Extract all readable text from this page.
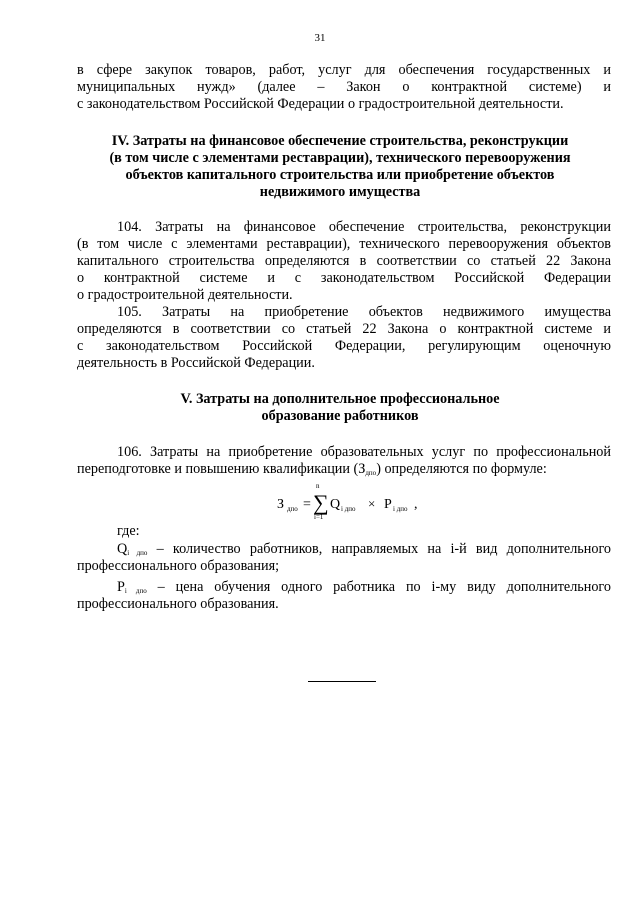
31
в сфере закупок товаров, работ, услуг для обеспечения государственных и
муниципальных нужд» (далее – Закон о контрактной системе) и
с законодательством Российской Федерации о градостроительной деятельности.
IV. Затраты на финансовое обеспечение строительства, реконструкции
(в том числе с элементами реставрации), технического перевооружения
объектов капитального строительства или приобретение объектов
недвижимого имущества
104. Затраты на финансовое обеспечение строительства, реконструкции
(в том числе с элементами реставрации), технического перевооружения объектов
капитального строительства определяются в соответствии со статьей 22 Закона
о контрактной системе и с законодательством Российской Федерации
о градостроительной деятельности.
105. Затраты на приобретение объектов недвижимого имущества
определяются в соответствии со статьей 22 Закона о контрактной системе и
с законодательством Российской Федерации, регулирующим оценочную
деятельность в Российской Федерации.
V. Затраты на дополнительное профессиональное
образование работников
106. Затраты на приобретение образовательных услуг по профессиональной
переподготовке и повышению квалификации (Здпо) определяются по формуле:
З дпо =
n
∑
i=1
Q i дпо × P i дпо ,
где:
Qi дпо – количество работников, направляемых на i-й вид дополнительного
профессионального образования;
Pi дпо – цена обучения одного работника по i-му виду дополнительного
профессионального образования.
